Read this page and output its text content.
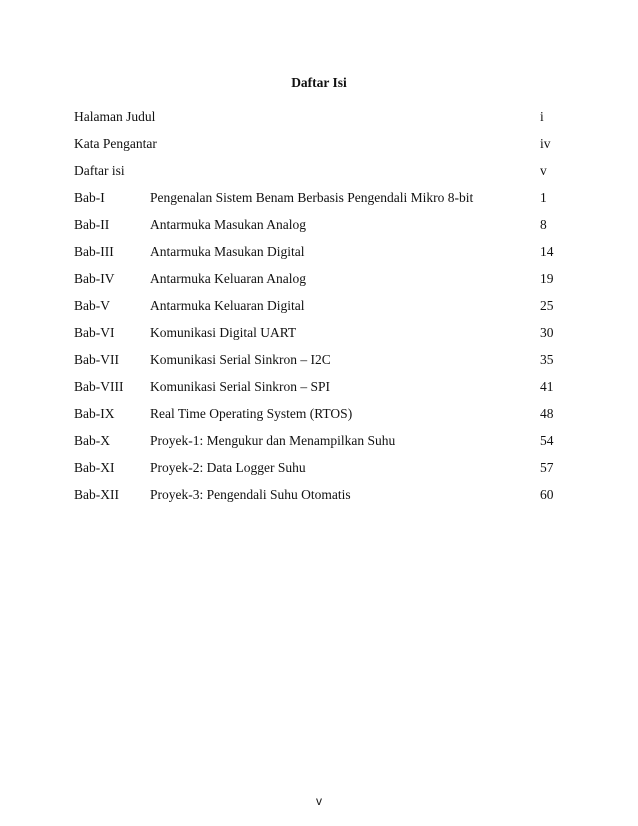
Daftar Isi
Halaman Judul	i
Kata Pengantar	iv
Daftar isi	v
Bab-I	Pengenalan Sistem Benam Berbasis Pengendali Mikro 8-bit	1
Bab-II	Antarmuka Masukan Analog	8
Bab-III	Antarmuka Masukan Digital	14
Bab-IV	Antarmuka Keluaran Analog	19
Bab-V	Antarmuka Keluaran Digital	25
Bab-VI	Komunikasi Digital UART	30
Bab-VII Komunikasi Serial Sinkron – I2C	35
Bab-VIII Komunikasi Serial Sinkron – SPI	41
Bab-IX	Real Time Operating System (RTOS)	48
Bab-X	Proyek-1: Mengukur dan Menampilkan Suhu	54
Bab-XI	Proyek-2: Data Logger Suhu	57
Bab-XII Proyek-3: Pengendali Suhu Otomatis	60
v
